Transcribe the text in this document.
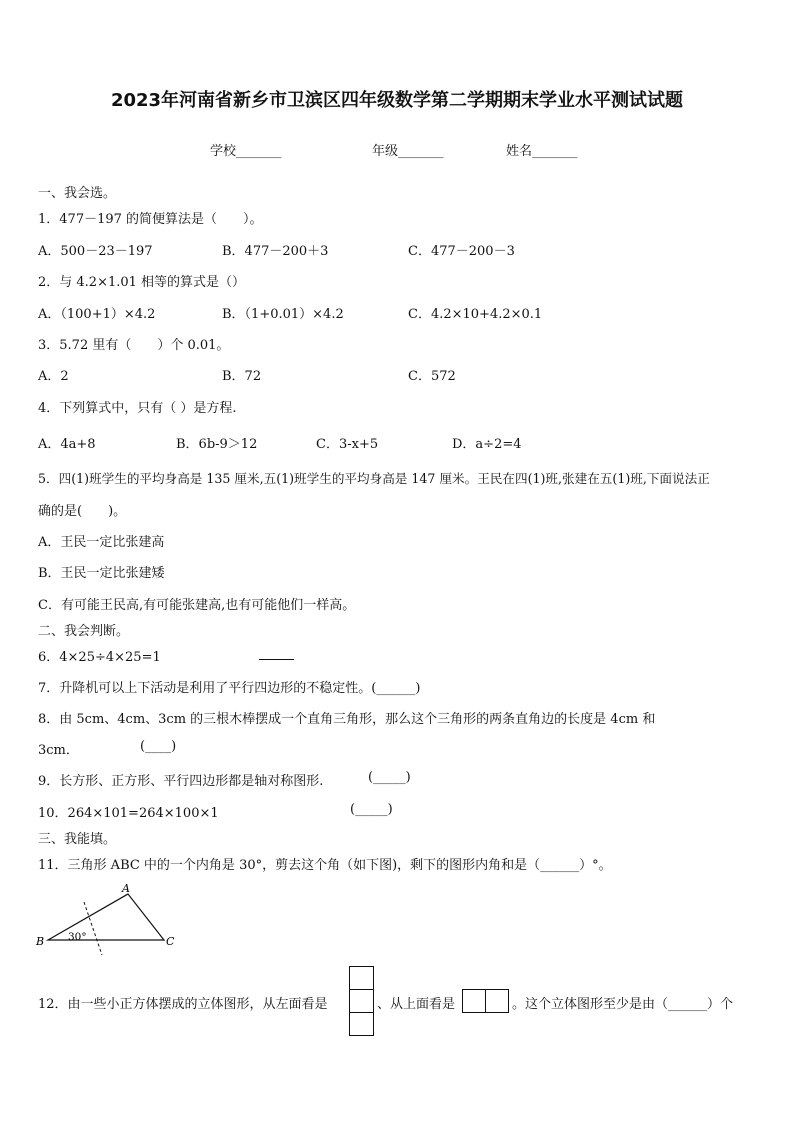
2023年河南省新乡市卫滨区四年级数学第二学期期末学业水平测试试题
学校_______	年级_______	姓名_______
一、我会选。
1．477－197 的简便算法是（　　）。
A．500－23－197	B．477－200＋3	C．477－200－3
2．与 4.2×1.01 相等的算式是（）
A．（100+1）×4.2	B．（1+0.01）×4.2	C．4.2×10+4.2×0.1
3．5.72 里有（　　）个 0.01。
A．2	B．72	C．572
4．下列算式中，只有（ ）是方程.
A．4a+8	B．6b-9＞12	C．3-x+5	D．a÷2=4
5．四(1)班学生的平均身高是 135 厘米,五(1)班学生的平均身高是 147 厘米。王民在四(1)班,张建在五(1)班,下面说法正
确的是(　　)。
A．王民一定比张建高
B．王民一定比张建矮
C．有可能王民高,有可能张建高,也有可能他们一样高。
二、我会判断。
6．4×25÷4×25=1
7．升降机可以上下活动是利用了平行四边形的不稳定性。(______)
8．由 5cm、4cm、3cm 的三根木棒摆成一个直角三角形，那么这个三角形的两条直角边的长度是 4cm 和
3cm．	(____)
9．长方形、正方形、平行四边形都是轴对称图形.	(_____)
10．264×101=264×100×1	(_____)
三、我能填。
11．三角形 ABC 中的一个内角是 30°，剪去这个角（如下图)，剩下的图形内角和是（______）°。
A
B	C
30°
12．由一些小正方体摆成的立体图形，从左面看是	、从上面看是	。这个立体图形至少是由（______）个
